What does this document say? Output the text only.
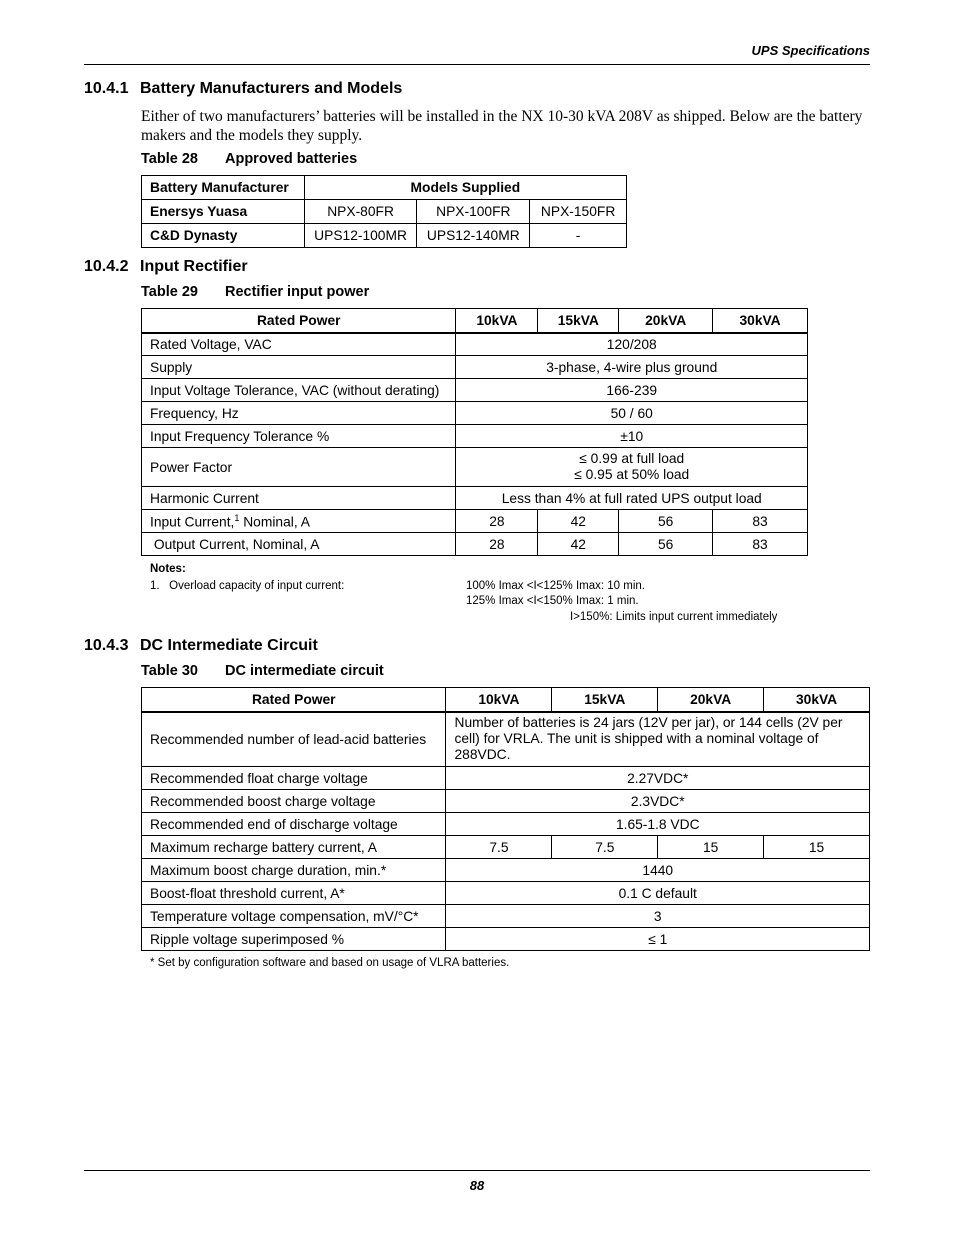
UPS Specifications
10.4.1 Battery Manufacturers and Models
Either of two manufacturers’ batteries will be installed in the NX 10-30 kVA 208V as shipped. Below are the battery makers and the models they supply.
Table 28 Approved batteries
Battery Manufacturer	Models Supplied		
Enersys Yuasa	NPX-80FR	NPX-100FR	NPX-150FR
C&D Dynasty	UPS12-100MR	UPS12-140MR	-
10.4.2 Input Rectifier
Table 29 Rectifier input power
Rated Power	10kVA	15kVA	20kVA	30kVA
Rated Voltage, VAC	120/208			
Supply	3-phase, 4-wire plus ground			
Input Voltage Tolerance, VAC (without derating)	166-239			
Frequency, Hz	50 / 60			
Input Frequency Tolerance %	±10			
Power Factor	≤ 0.99 at full load
≤ 0.95 at 50% load			

Harmonic Current	Less than 4% at full rated UPS output load			
Input Current,$^1$ Nominal, A	28	42	56	83
Output Current, Nominal, A	28	42	56	83
Notes:
1.   Overload capacity of input current:	100% Imax <I<125% Imax: 10 min.
125% Imax <I<150% Imax: 1 min.
I>150%: Limits input current immediately
10.4.3 DC Intermediate Circuit
Table 30 DC intermediate circuit
Rated Power	10kVA	15kVA	20kVA	30kVA
Recommended number of lead-acid batteries	Number of batteries is 24 jars (12V per jar), or 144 cells (2V per cell) for VRLA. The unit is shipped with a nominal voltage of 288VDC.			
Recommended float charge voltage	2.27VDC*			
Recommended boost charge voltage	2.3VDC*			
Recommended end of discharge voltage	1.65-1.8 VDC			
Maximum recharge battery current, A	7.5	7.5	15	15
Maximum boost charge duration, min.*	1440			
Boost-float threshold current, A*	0.1 C default			
Temperature voltage compensation, mV/°C*	3			
Ripple voltage superimposed %	≤ 1			
* Set by configuration software and based on usage of VLRA batteries.
88
